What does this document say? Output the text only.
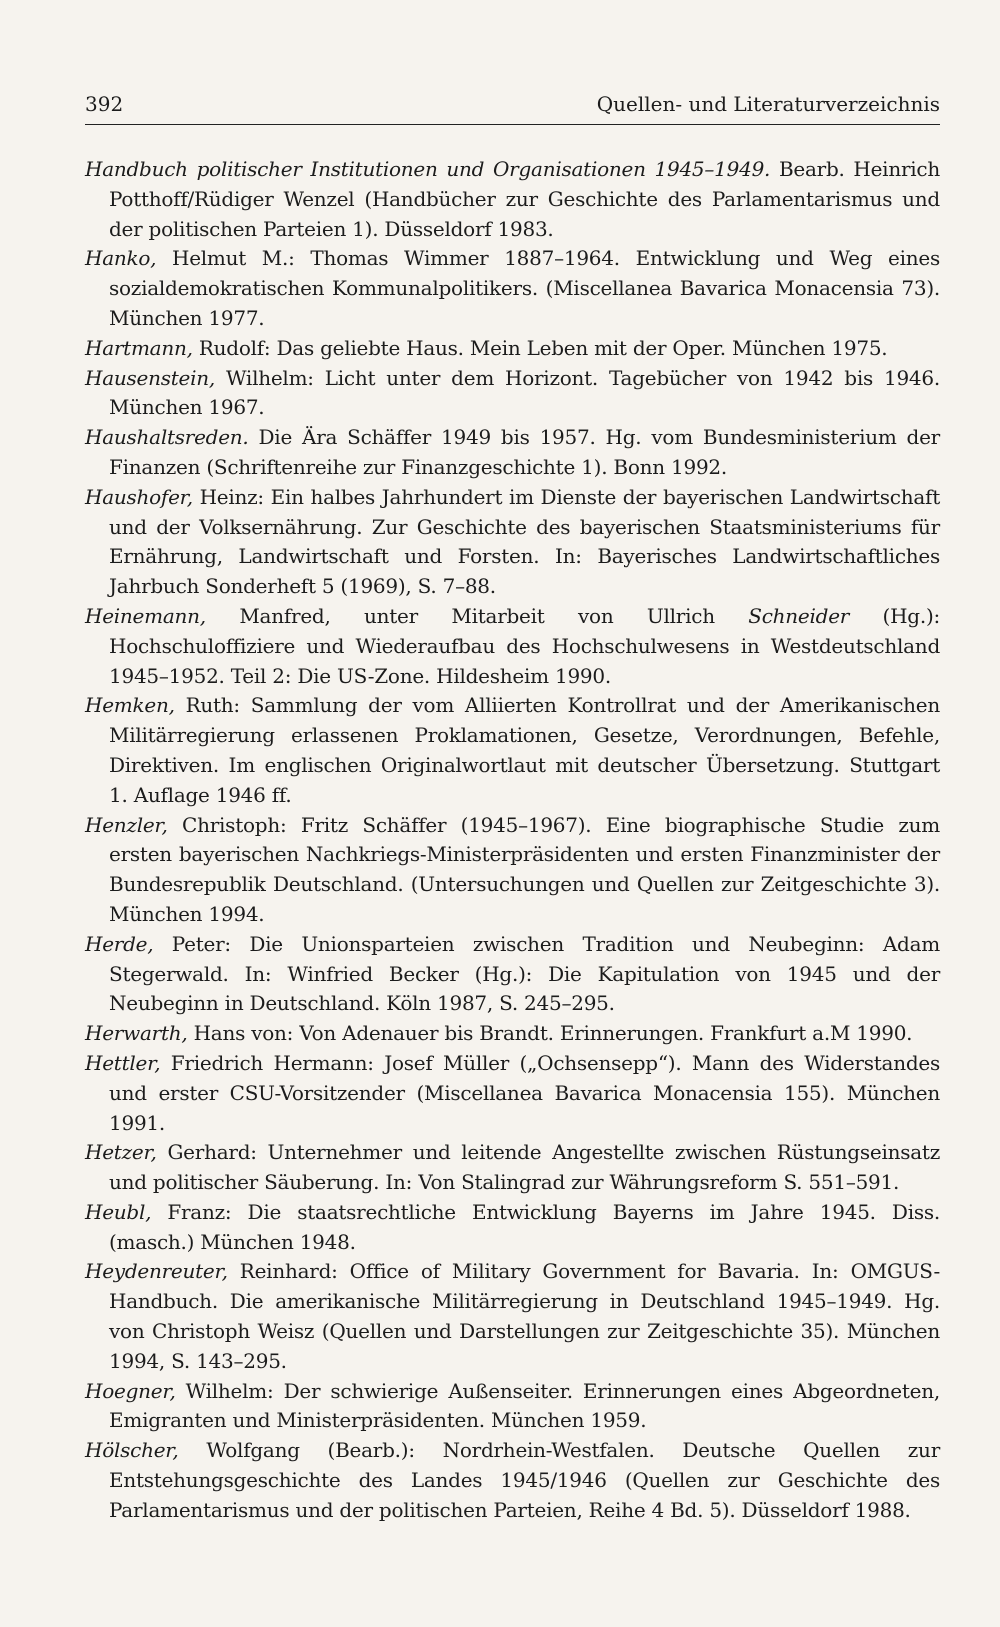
392	Quellen- und Literaturverzeichnis

Handbuch politischer Institutionen und Organisationen 1945–1949. Bearb. Heinrich Potthoff/Rüdiger Wenzel (Handbücher zur Geschichte des Parlamentarismus und der politischen Parteien 1). Düsseldorf 1983.

Hanko, Helmut M.: Thomas Wimmer 1887–1964. Entwicklung und Weg eines sozialdemokratischen Kommunalpolitikers. (Miscellanea Bavarica Monacensia 73). München 1977.

Hartmann, Rudolf: Das geliebte Haus. Mein Leben mit der Oper. München 1975.

Hausenstein, Wilhelm: Licht unter dem Horizont. Tagebücher von 1942 bis 1946. München 1967.

Haushaltsreden. Die Ära Schäffer 1949 bis 1957. Hg. vom Bundesministerium der Finanzen (Schriftenreihe zur Finanzgeschichte 1). Bonn 1992.

Haushofer, Heinz: Ein halbes Jahrhundert im Dienste der bayerischen Landwirtschaft und der Volksernährung. Zur Geschichte des bayerischen Staatsministeriums für Ernährung, Landwirtschaft und Forsten. In: Bayerisches Landwirtschaftliches Jahrbuch Sonderheft 5 (1969), S. 7–88.

Heinemann, Manfred, unter Mitarbeit von Ullrich Schneider (Hg.): Hochschuloffiziere und Wiederaufbau des Hochschulwesens in Westdeutschland 1945–1952. Teil 2: Die US-Zone. Hildesheim 1990.

Hemken, Ruth: Sammlung der vom Alliierten Kontrollrat und der Amerikanischen Militärregierung erlassenen Proklamationen, Gesetze, Verordnungen, Befehle, Direktiven. Im englischen Originalwortlaut mit deutscher Übersetzung. Stuttgart 1. Auflage 1946 ff.

Henzler, Christoph: Fritz Schäffer (1945–1967). Eine biographische Studie zum ersten bayerischen Nachkriegs-Ministerpräsidenten und ersten Finanzminister der Bundesrepublik Deutschland. (Untersuchungen und Quellen zur Zeitgeschichte 3). München 1994.

Herde, Peter: Die Unionsparteien zwischen Tradition und Neubeginn: Adam Stegerwald. In: Winfried Becker (Hg.): Die Kapitulation von 1945 und der Neubeginn in Deutschland. Köln 1987, S. 245–295.

Herwarth, Hans von: Von Adenauer bis Brandt. Erinnerungen. Frankfurt a.M 1990.

Hettler, Friedrich Hermann: Josef Müller („Ochsensepp“). Mann des Widerstandes und erster CSU-Vorsitzender (Miscellanea Bavarica Monacensia 155). München 1991.

Hetzer, Gerhard: Unternehmer und leitende Angestellte zwischen Rüstungseinsatz und politischer Säuberung. In: Von Stalingrad zur Währungsreform S. 551–591.

Heubl, Franz: Die staatsrechtliche Entwicklung Bayerns im Jahre 1945. Diss. (masch.) München 1948.

Heydenreuter, Reinhard: Office of Military Government for Bavaria. In: OMGUS-Handbuch. Die amerikanische Militärregierung in Deutschland 1945–1949. Hg. von Christoph Weisz (Quellen und Darstellungen zur Zeitgeschichte 35). München 1994, S. 143–295.

Hoegner, Wilhelm: Der schwierige Außenseiter. Erinnerungen eines Abgeordneten, Emigranten und Ministerpräsidenten. München 1959.

Hölscher, Wolfgang (Bearb.): Nordrhein-Westfalen. Deutsche Quellen zur Entstehungsgeschichte des Landes 1945/1946 (Quellen zur Geschichte des Parlamentarismus und der politischen Parteien, Reihe 4 Bd. 5). Düsseldorf 1988.
